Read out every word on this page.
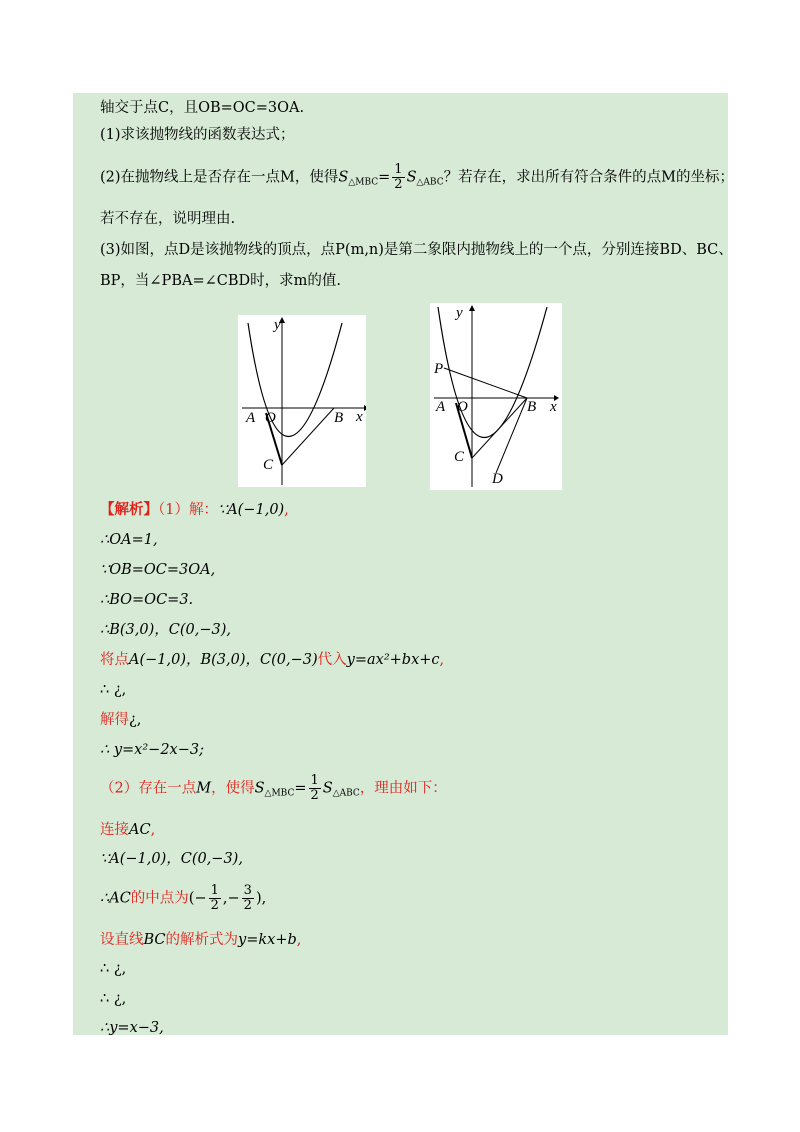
轴交于点C，且OB=OC=3OA.
(1)求该抛物线的函数表达式；
(2)在抛物线上是否存在一点M，使得$S_{\triangle MBC}= \frac{1}{2} S_{\triangle ABC}$？若存在，求出所有符合条件的点M的坐标；
若不存在，说明理由.
(3)如图，点D是该抛物线的顶点，点P(m,n)是第二象限内抛物线上的一个点，分别连接BD、BC、
BP，当∠PBA=∠CBD时，求m的值.
y
x
A O	B
C
y
x
P
A O	B
C
D
【解析】（1）解：∵A(−1,0),
∴OA=1,
∵OB=OC=3OA,
∴BO=OC=3.
∴B(3,0)，C(0,−3),
将点A(−1,0)，B(3,0)，C(0,−3)代入y=ax²+bx+c,
∴ ¿,
解得¿,
∴ y=x²−2x−3;
（2）存在一点M，使得$S_{\triangle MBC}= \frac{1}{2} S_{\triangle ABC}$，理由如下：
连接AC,
∵A(−1,0)，C(0,−3),
∴AC的中点为(− $\frac{1}{2}$ ,− $\frac{3}{2}$ ),
设直线BC的解析式为y=kx+b,
∴ ¿,
∴ ¿,
∴y=x−3,
